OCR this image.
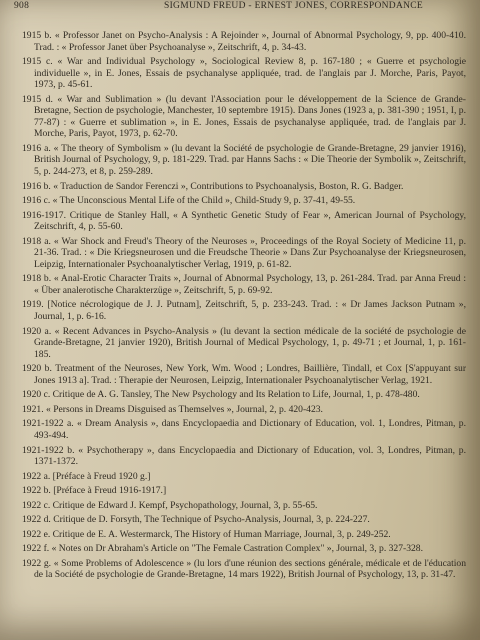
908	SIGMUND FREUD - ERNEST JONES, CORRESPONDANCE

1915 b. « Professor Janet on Psycho-Analysis : A Rejoinder », Journal of Abnormal Psychology, 9, pp. 400-410. Trad. : « Professor Janet über Psychoanalyse », Zeitschrift, 4, p. 34-43.

1915 c. « War and Individual Psychology », Sociological Review 8, p. 167-180 ; « Guerre et psychologie individuelle », in E. Jones, Essais de psychanalyse appliquée, trad. de l'anglais par J. Morche, Paris, Payot, 1973, p. 45-61.

1915 d. « War and Sublimation » (lu devant l'Association pour le développement de la Science de Grande-Bretagne, Section de psychologie, Manchester, 10 septembre 1915). Dans Jones (1923 a, p. 381-390 ; 1951, I, p. 77-87) : « Guerre et sublimation », in E. Jones, Essais de psychanalyse appliquée, trad. de l'anglais par J. Morche, Paris, Payot, 1973, p. 62-70.

1916 a. « The theory of Symbolism » (lu devant la Société de psychologie de Grande-Bretagne, 29 janvier 1916), British Journal of Psychology, 9, p. 181-229. Trad. par Hanns Sachs : « Die Theorie der Symbolik », Zeitschrift, 5, p. 244-273, et 8, p. 259-289.

1916 b. « Traduction de Sandor Ferenczi », Contributions to Psychoanalysis, Boston, R. G. Badger.

1916 c. « The Unconscious Mental Life of the Child », Child-Study 9, p. 37-41, 49-55.

1916-1917. Critique de Stanley Hall, « A Synthetic Genetic Study of Fear », American Journal of Psychology, Zeitschrift, 4, p. 55-60.

1918 a. « War Shock and Freud's Theory of the Neuroses », Proceedings of the Royal Society of Medicine 11, p. 21-36. Trad. : « Die Kriegsneurosen und die Freudsche Theorie » Dans Zur Psychoanalyse der Kriegsneurosen, Leipzig, Internationaler Psychoanalytischer Verlag, 1919, p. 61-82.

1918 b. « Anal-Erotic Character Traits », Journal of Abnormal Psychology, 13, p. 261-284. Trad. par Anna Freud : « Über analerotische Charakterzüge », Zeitschrift, 5, p. 69-92.

1919. [Notice nécrologique de J. J. Putnam], Zeitschrift, 5, p. 233-243. Trad. : « Dr James Jackson Putnam », Journal, 1, p. 6-16.

1920 a. « Recent Advances in Psycho-Analysis » (lu devant la section médicale de la société de psychologie de Grande-Bretagne, 21 janvier 1920), British Journal of Medical Psychology, 1, p. 49-71 ; et Journal, 1, p. 161-185.

1920 b. Treatment of the Neuroses, New York, Wm. Wood ; Londres, Baillière, Tindall, et Cox [S'appuyant sur Jones 1913 a]. Trad. : Therapie der Neurosen, Leipzig, Internationaler Psychoanalytischer Verlag, 1921.

1920 c. Critique de A. G. Tansley, The New Psychology and Its Relation to Life, Journal, 1, p. 478-480.

1921. « Persons in Dreams Disguised as Themselves », Journal, 2, p. 420-423.

1921-1922 a. « Dream Analysis », dans Encyclopaedia and Dictionary of Education, vol. 1, Londres, Pitman, p. 493-494.

1921-1922 b. « Psychotherapy », dans Encyclopaedia and Dictionary of Education, vol. 3, Londres, Pitman, p. 1371-1372.

1922 a. [Préface à Freud 1920 g.]

1922 b. [Préface à Freud 1916-1917.]

1922 c. Critique de Edward J. Kempf, Psychopathology, Journal, 3, p. 55-65.

1922 d. Critique de D. Forsyth, The Technique of Psycho-Analysis, Journal, 3, p. 224-227.

1922 e. Critique de E. A. Westermarck, The History of Human Marriage, Journal, 3, p. 249-252.

1922 f. « Notes on Dr Abraham's Article on "The Female Castration Complex" », Journal, 3, p. 327-328.

1922 g. « Some Problems of Adolescence » (lu lors d'une réunion des sections générale, médicale et de l'éducation de la Société de psychologie de Grande-Bretagne, 14 mars 1922), British Journal of Psychology, 13, p. 31-47.
